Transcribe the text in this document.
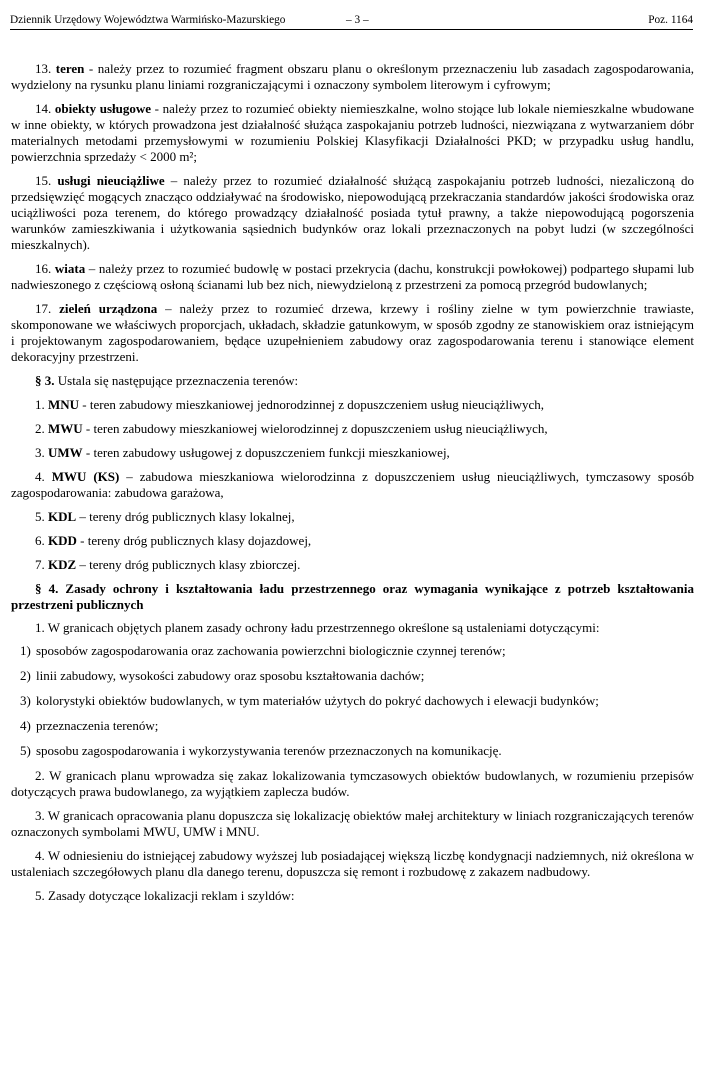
Dziennik Urzędowy Województwa Warmińsko-Mazurskiego	– 3 –	Poz. 1164

13. teren - należy przez to rozumieć fragment obszaru planu o określonym przeznaczeniu lub zasadach zagospodarowania, wydzielony na rysunku planu liniami rozgraniczającymi i oznaczony symbolem literowym i cyfrowym;

14. obiekty usługowe - należy przez to rozumieć obiekty niemieszkalne, wolno stojące lub lokale niemieszkalne wbudowane w inne obiekty, w których prowadzona jest działalność służąca zaspokajaniu potrzeb ludności, niezwiązana z wytwarzaniem dóbr materialnych metodami przemysłowymi w rozumieniu Polskiej Klasyfikacji Działalności PKD; w przypadku usług handlu, powierzchnia sprzedaży < 2000 m²;

15. usługi nieuciążliwe – należy przez to rozumieć działalność służącą zaspokajaniu potrzeb ludności, niezaliczoną do przedsięwzięć mogących znacząco oddziaływać na środowisko, niepowodującą przekraczania standardów jakości środowiska oraz uciążliwości poza terenem, do którego prowadzący działalność posiada tytuł prawny, a także niepowodującą pogorszenia warunków zamieszkiwania i użytkowania sąsiednich budynków oraz lokali przeznaczonych na pobyt ludzi (w szczególności mieszkalnych).

16. wiata – należy przez to rozumieć budowlę w postaci przekrycia (dachu, konstrukcji powłokowej) podpartego słupami lub nadwieszonego z częściową osłoną ścianami lub bez nich, niewydzieloną z przestrzeni za pomocą przegród budowlanych;

17. zieleń urządzona – należy przez to rozumieć drzewa, krzewy i rośliny zielne w tym powierzchnie trawiaste, skomponowane we właściwych proporcjach, układach, składzie gatunkowym, w sposób zgodny ze stanowiskiem oraz istniejącym i projektowanym zagospodarowaniem, będące uzupełnieniem zabudowy oraz zagospodarowania terenu i stanowiące element dekoracyjny przestrzeni.

§ 3. Ustala się następujące przeznaczenia terenów:

1. MNU - teren zabudowy mieszkaniowej jednorodzinnej z dopuszczeniem usług nieuciążliwych,

2. MWU - teren zabudowy mieszkaniowej wielorodzinnej z dopuszczeniem usług nieuciążliwych,

3. UMW - teren zabudowy usługowej z dopuszczeniem funkcji mieszkaniowej,

4. MWU (KS) – zabudowa mieszkaniowa wielorodzinna z dopuszczeniem usług nieuciążliwych, tymczasowy sposób zagospodarowania: zabudowa garażowa,

5. KDL – tereny dróg publicznych klasy lokalnej,

6. KDD - tereny dróg publicznych klasy dojazdowej,

7. KDZ – tereny dróg publicznych klasy zbiorczej.

§ 4. Zasady ochrony i kształtowania ładu przestrzennego oraz wymagania wynikające z potrzeb kształtowania przestrzeni publicznych

1. W granicach objętych planem zasady ochrony ładu przestrzennego określone są ustaleniami dotyczącymi:

1) sposobów zagospodarowania oraz zachowania powierzchni biologicznie czynnej terenów;
2) linii zabudowy, wysokości zabudowy oraz sposobu kształtowania dachów;
3) kolorystyki obiektów budowlanych, w tym materiałów użytych do pokryć dachowych i elewacji budynków;
4) przeznaczenia terenów;
5) sposobu zagospodarowania i wykorzystywania terenów przeznaczonych na komunikację.

2. W granicach planu wprowadza się zakaz lokalizowania tymczasowych obiektów budowlanych, w rozumieniu przepisów dotyczących prawa budowlanego, za wyjątkiem zaplecza budów.

3. W granicach opracowania planu dopuszcza się lokalizację obiektów małej architektury w liniach rozgraniczających terenów oznaczonych symbolami MWU, UMW i MNU.

4. W odniesieniu do istniejącej zabudowy wyższej lub posiadającej większą liczbę kondygnacji nadziemnych, niż określona w ustaleniach szczegółowych planu dla danego terenu, dopuszcza się remont i rozbudowę z zakazem nadbudowy.

5. Zasady dotyczące lokalizacji reklam i szyldów:
